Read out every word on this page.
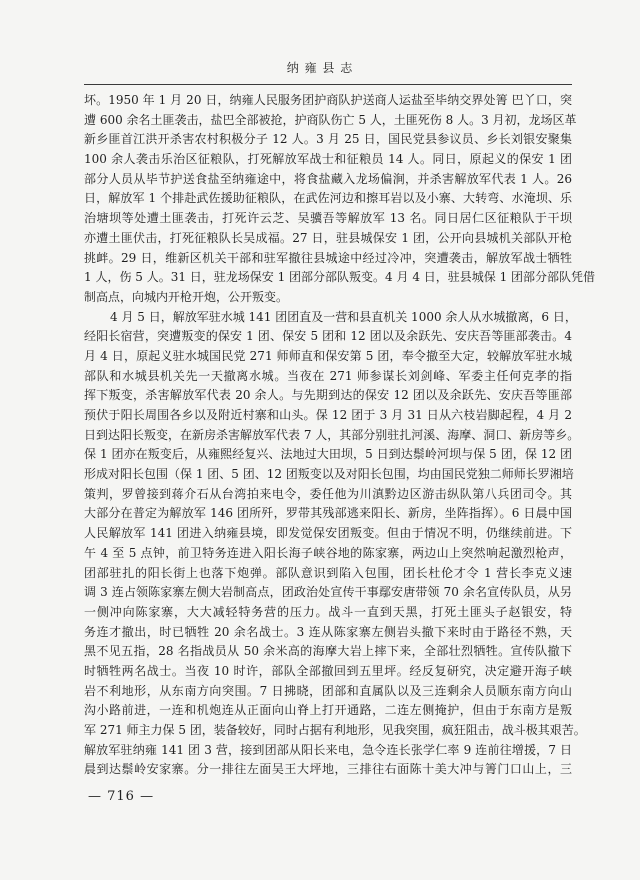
纳 雍 县 志
坏。1950 年 1 月 20 日，纳雍人民服务团护商队护送商人运盐至毕纳交界处箐 巴丫口，突
遭 600 余名土匪袭击，盐巴全部被抢，护商队伤亡 5 人，土匪死伤 8 人。3 月初，龙场区革
新乡匪首江洪开杀害农村积极分子 12 人。3 月 25 日，国民党县参议员、乡长刘银安聚集
100 余人袭击乐治区征粮队，打死解放军战士和征粮员 14 人。同日，原起义的保安 1 团
部分人员从毕节护送食盐至纳雍途中，将食盐藏入龙场偏涧，并杀害解放军代表 1 人。26
日，解放军 1 个排赴武佐援助征粮队，在武佐河边和擦耳岩以及小寨、大转弯、水淹坝、乐
治塘坝等处遭土匪袭击，打死许云芝、吴骥吾等解放军 13 名。同日居仁区征粮队于干坝
亦遭土匪伏击，打死征粮队长吴成福。27 日，驻县城保安 1 团，公开向县城机关部队开枪
挑衅。29 日，维新区机关干部和驻军撤往县城途中经过冷冲，突遭袭击，解放军战士牺牲
1 人，伤 5 人。31 日，驻龙场保安 1 团部分部队叛变。4 月 4 日，驻县城保 1 团部分部队凭借
制高点，向城内开枪开炮，公开叛变。
4 月 5 日，解放军驻水城 141 团团直及一营和县直机关 1000 余人从水城撤离，6 日，
经阳长宿营，突遭叛变的保安 1 团、保安 5 团和 12 团以及余跃先、安庆吾等匪部袭击。4
月 4 日，原起义驻水城国民党 271 师师直和保安第 5 团，奉令撤至大定，较解放军驻水城
部队和水城县机关先一天撤离水城。当夜在 271 师参谋长刘剑峰、军委主任何克孝的指
挥下叛变，杀害解放军代表 20 余人。与先期到达的保安 12 团以及余跃先、安庆吾等匪部
预伏于阳长周围各乡以及附近村寨和山头。保 12 团于 3 月 31 日从六枝岩脚起程，4 月 2
日到达阳长叛变，在新房杀害解放军代表 7 人，其部分别驻扎河溪、海摩、洞口、新房等乡。
保 1 团亦在叛变后，从雍熙经复兴、法地过大田坝，5 日到达鬃岭河坝与保 5 团，保 12 团
形成对阳长包围（保 1 团、5 团、12 团叛变以及对阳长包围，均由国民党独二师师长罗湘培
策判，罗曾接到蒋介石从台湾拍来电令，委任他为川滇黔边区游击纵队第八兵团司令。其
大部分在普定为解放军 146 团所歼，罗带其残部逃来阳长、新房，坐阵指挥）。6 日晨中国
人民解放军 141 团进入纳雍县境，即发觉保安团叛变。但由于情况不明，仍继续前进。下
午 4 至 5 点钟，前卫特务连进入阳长海子峡谷地的陈家寨，两边山上突然响起激烈枪声，
团部驻扎的阳长街上也落下炮弹。部队意识到陷入包围，团长杜伦才令 1 营长李克义速
调 3 连占领陈家寨左侧大岩制高点，团政治处宣传干事鄢安唐带领 70 余名宣传队员，从另
一侧冲向陈家寨，大大减轻特务营的压力。战斗一直到天黑，打死土匪头子赵银安，特
务连才撤出，时已牺牲 20 余名战士。3 连从陈家寨左侧岩头撤下来时由于路径不熟，天
黑不见五指，28 名指战员从 50 余米高的海摩大岩上摔下来，全部壮烈牺牲。宣传队撤下
时牺牲两名战士。当夜 10 时许，部队全部撤回到五里坪。经反复研究，决定避开海子峡
岩不利地形，从东南方向突围。7 日拂晓，团部和直属队以及三连剩余人员顺东南方向山
沟小路前进，一连和机炮连从正面向山脊上打开通路，二连左侧掩护，但由于东南方是叛
军 271 师主力保 5 团，装备较好，同时占据有利地形，见我突围，疯狂阻击，战斗极其艰苦。
解放军驻纳雍 141 团 3 营，接到团部从阳长来电，急令连长张学仁率 9 连前往增援，7 日
晨到达鬃岭安家寨。分一排往左面吴王大坪地，三排往右面陈十美大冲与箐门口山上，三
— 716 —
